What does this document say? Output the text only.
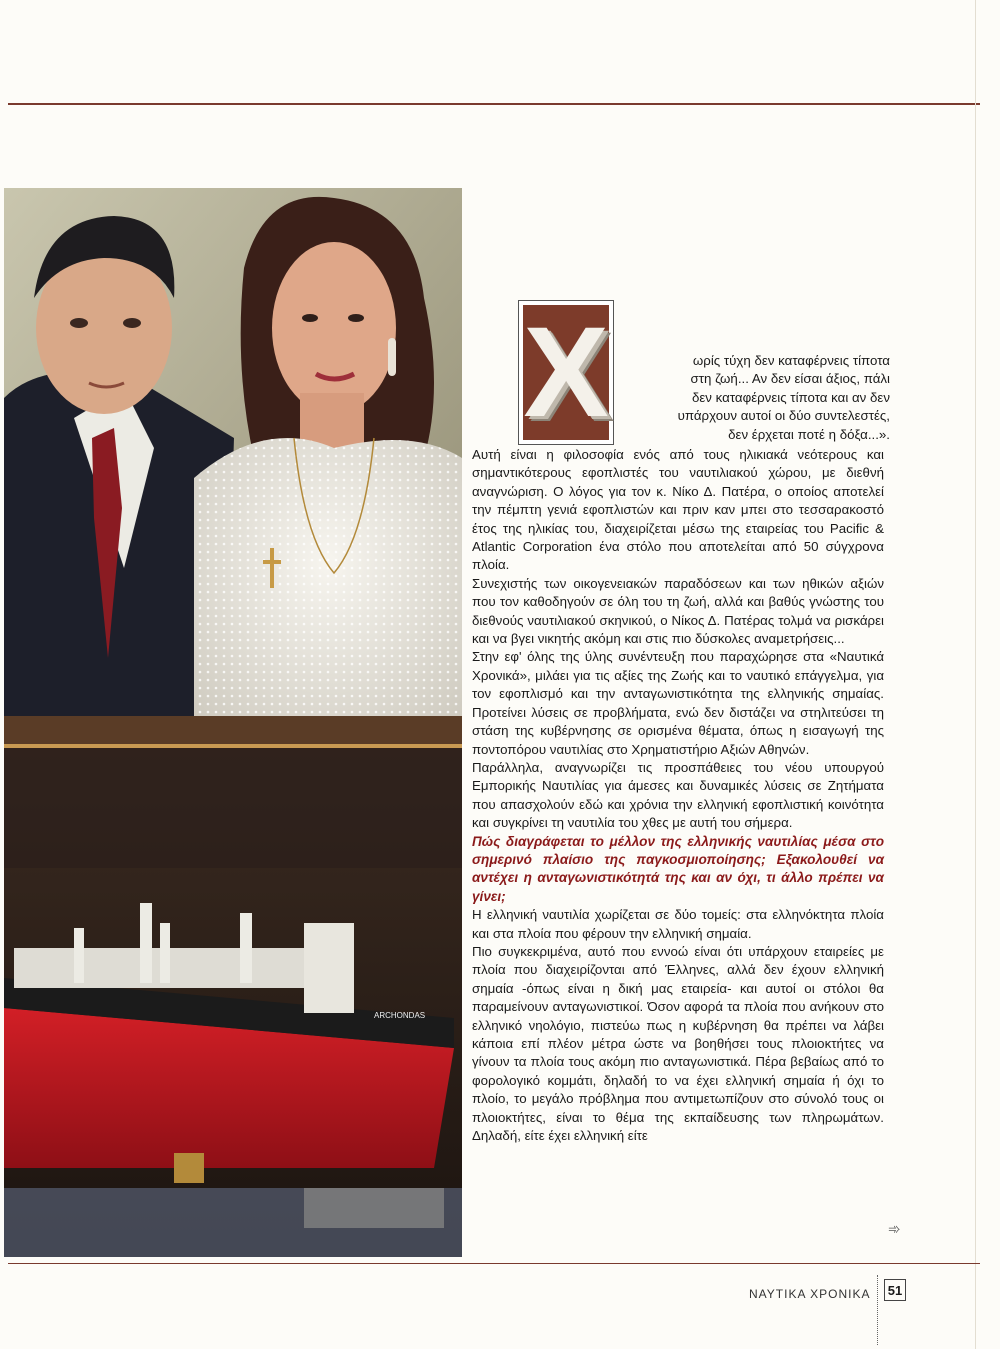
ARCHONDAS
X	ωρίς τύχη δεν καταφέρνεις τίποτα

στη ζωή... Αν δεν είσαι άξιος, πάλι

δεν καταφέρνεις τίποτα και αν δεν

υπάρχουν αυτοί οι δύο συντελεστές,

δεν έρχεται ποτέ η δόξα...».

Αυτή είναι η φιλοσοφία ενός από τους ηλικιακά νεότερους και σημαντικότερους εφοπλιστές του ναυτιλιακού χώρου, με διεθνή αναγνώριση. Ο λόγος για τον κ. Νίκο Δ. Πατέρα, ο οποίος αποτελεί την πέμπτη γενιά εφοπλιστών και πριν καν μπει στο τεσσαρακοστό έτος της ηλικίας του, διαχειρίζεται μέσω της εταιρείας του Pacific & Atlantic Corporation ένα στόλο που αποτελείται από 50 σύγχρονα πλοία.

Συνεχιστής των οικογενειακών παραδόσεων και των ηθικών αξιών που τον καθοδηγούν σε όλη του τη ζωή, αλλά και βαθύς γνώστης του διεθνούς ναυτιλιακού σκηνικού, ο Νίκος Δ. Πατέρας τολμά να ρισκάρει και να βγει νικητής ακόμη και στις πιο δύσκολες αναμετρήσεις...

Στην εφ' όλης της ύλης συνέντευξη που παραχώρησε στα «Ναυτικά Χρονικά», μιλάει για τις αξίες της Ζωής και το ναυτικό επάγγελμα, για τον εφοπλισμό και την ανταγωνιστικότητα της ελληνικής σημαίας. Προτείνει λύσεις σε προβλήματα, ενώ δεν διστάζει να στηλιτεύσει τη στάση της κυβέρνησης σε ορισμένα θέματα, όπως η εισαγωγή της ποντοπόρου ναυτιλίας στο Χρηματιστήριο Αξιών Αθηνών.

Παράλληλα, αναγνωρίζει τις προσπάθειες του νέου υπουργού Εμπορικής Ναυτιλίας για άμεσες και δυναμικές λύσεις σε Ζητήματα που απασχολούν εδώ και χρόνια την ελληνική εφοπλιστική κοινότητα και συγκρίνει τη ναυτιλία του χθες με αυτή του σήμερα.

Πώς διαγράφεται το μέλλον της ελληνικής ναυτιλίας μέσα στο σημερινό πλαίσιο της παγκοσμιοποίησης; Εξακολουθεί να αντέχει η ανταγωνιστικότητά της και αν όχι, τι άλλο πρέπει να γίνει;

Η ελληνική ναυτιλία χωρίζεται σε δύο τομείς: στα ελληνόκτητα πλοία και στα πλοία που φέρουν την ελληνική σημαία.

Πιο συγκεκριμένα, αυτό που εννοώ είναι ότι υπάρχουν εταιρείες με πλοία που διαχειρίζονται από Έλληνες, αλλά δεν έχουν ελληνική σημαία -όπως είναι η δική μας εταιρεία- και αυτοί οι στόλοι θα παραμείνουν ανταγωνιστικοί. Όσον αφορά τα πλοία που ανήκουν στο ελληνικό νηολόγιο, πιστεύω πως η κυβέρνηση θα πρέπει να λάβει κάποια επί πλέον μέτρα ώστε να βοηθήσει τους πλοιοκτήτες να γίνουν τα πλοία τους ακόμη πιο ανταγωνιστικά. Πέρα βεβαίως από το φορολογικό κομμάτι, δηλαδή το να έχει ελληνική σημαία ή όχι το πλοίο, το μεγάλο πρόβλημα που αντιμετωπίζουν στο σύνολό τους οι πλοιοκτήτες, είναι το θέμα της εκπαίδευσης των πληρωμάτων. Δηλαδή, είτε έχει ελληνική είτε

➾
ΝΑΥΤΙΚΑ ΧΡΟΝΙΚΑ 51
